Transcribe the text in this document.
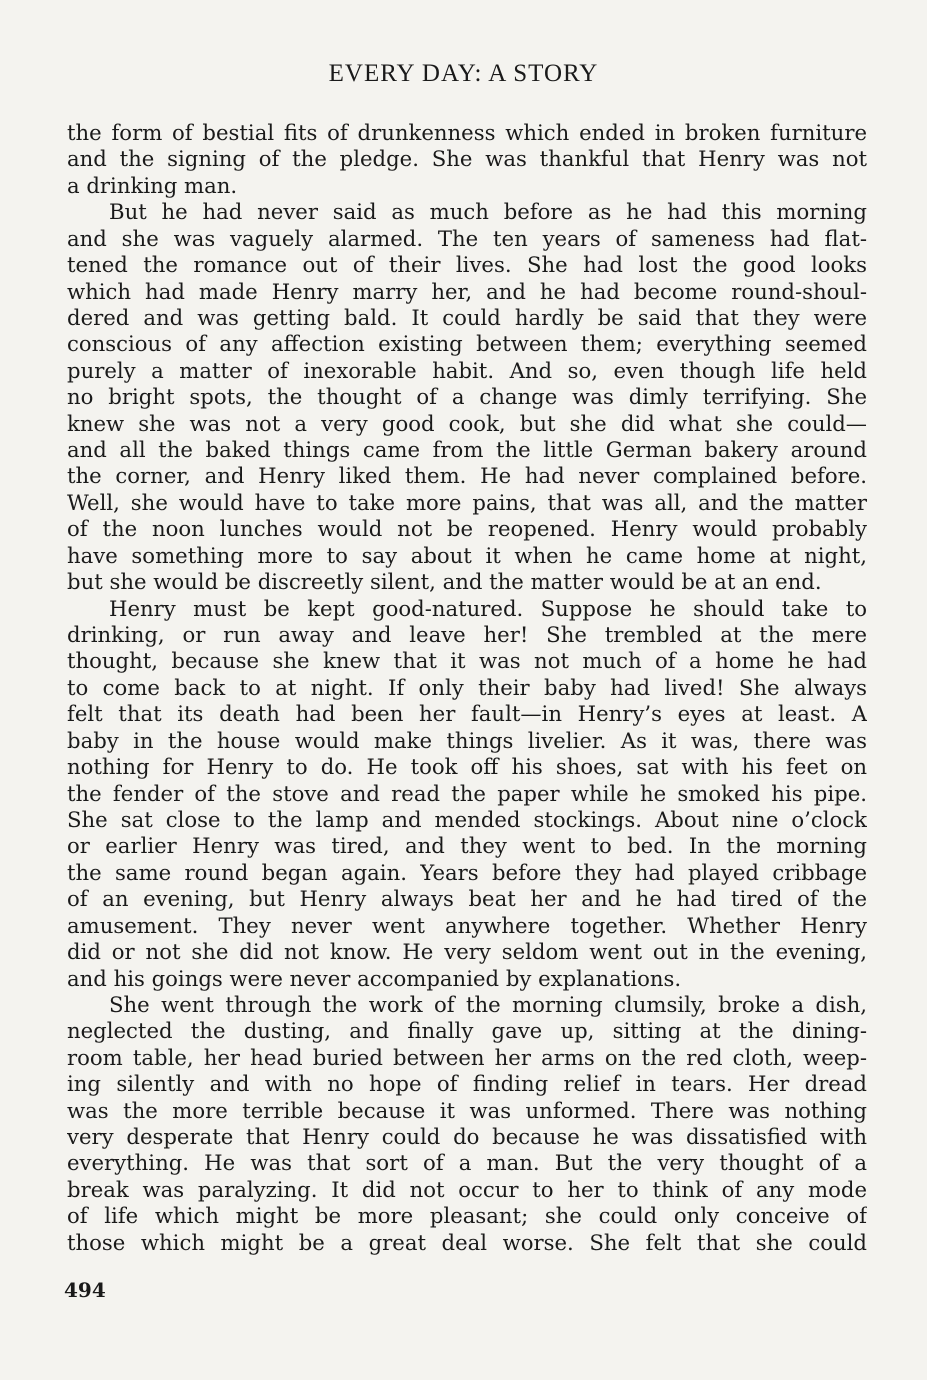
EVERY DAY: A STORY
the form of bestial fits of drunkenness which ended in broken furniture
and the signing of the pledge. She was thankful that Henry was not
a drinking man.
But he had never said as much before as he had this morning
and she was vaguely alarmed. The ten years of sameness had flat-
tened the romance out of their lives. She had lost the good looks
which had made Henry marry her, and he had become round-shoul-
dered and was getting bald. It could hardly be said that they were
conscious of any affection existing between them; everything seemed
purely a matter of inexorable habit. And so, even though life held
no bright spots, the thought of a change was dimly terrifying. She
knew she was not a very good cook, but she did what she could—
and all the baked things came from the little German bakery around
the corner, and Henry liked them. He had never complained before.
Well, she would have to take more pains, that was all, and the matter
of the noon lunches would not be reopened. Henry would probably
have something more to say about it when he came home at night,
but she would be discreetly silent, and the matter would be at an end.
Henry must be kept good-natured. Suppose he should take to
drinking, or run away and leave her! She trembled at the mere
thought, because she knew that it was not much of a home he had
to come back to at night. If only their baby had lived! She always
felt that its death had been her fault—in Henry’s eyes at least. A
baby in the house would make things livelier. As it was, there was
nothing for Henry to do. He took off his shoes, sat with his feet on
the fender of the stove and read the paper while he smoked his pipe.
She sat close to the lamp and mended stockings. About nine o’clock
or earlier Henry was tired, and they went to bed. In the morning
the same round began again. Years before they had played cribbage
of an evening, but Henry always beat her and he had tired of the
amusement. They never went anywhere together. Whether Henry
did or not she did not know. He very seldom went out in the evening,
and his goings were never accompanied by explanations.
She went through the work of the morning clumsily, broke a dish,
neglected the dusting, and finally gave up, sitting at the dining-
room table, her head buried between her arms on the red cloth, weep-
ing silently and with no hope of finding relief in tears. Her dread
was the more terrible because it was unformed. There was nothing
very desperate that Henry could do because he was dissatisfied with
everything. He was that sort of a man. But the very thought of a
break was paralyzing. It did not occur to her to think of any mode
of life which might be more pleasant; she could only conceive of
those which might be a great deal worse. She felt that she could
494
